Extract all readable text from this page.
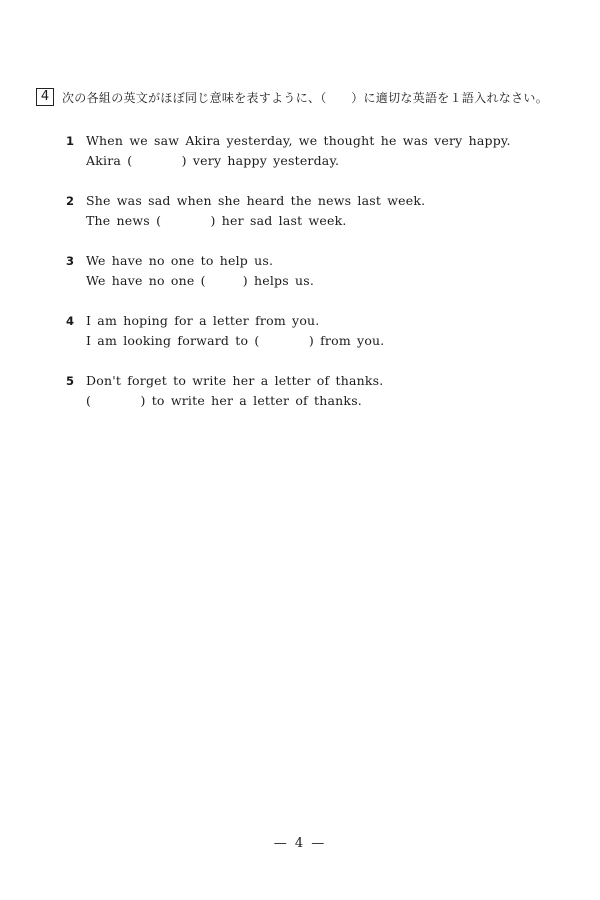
4	次の各組の英文がほぼ同じ意味を表すように、（　　）に適切な英語を１語入れなさい。
1 When we saw Akira yesterday, we thought he was very happy.
Akira (        ) very happy yesterday.
2 She was sad when she heard the news last week.
The news (        ) her sad last week.
3 We have no one to help us.
We have no one (      ) helps us.
4 I am hoping for a letter from you.
I am looking forward to (        ) from you.
5 Don't forget to write her a letter of thanks.
(        ) to write her a letter of thanks.
— 4 —
